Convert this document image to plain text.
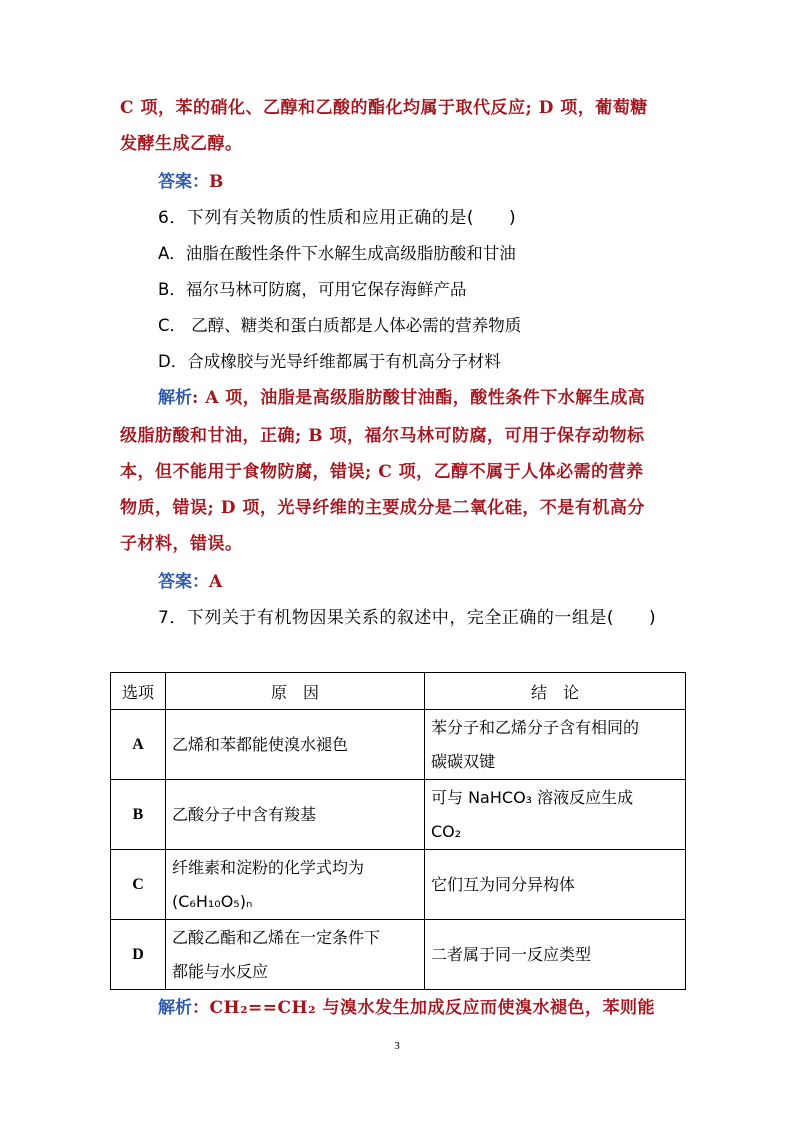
C 项，苯的硝化、乙醇和乙酸的酯化均属于取代反应; D 项，葡萄糖
发酵生成乙醇。
答案：B
6．下列有关物质的性质和应用正确的是(　　)
A．油脂在酸性条件下水解生成高级脂肪酸和甘油
B．福尔马林可防腐，可用它保存海鲜产品
C． 乙醇、糖类和蛋白质都是人体必需的营养物质
D．合成橡胶与光导纤维都属于有机高分子材料
解析: A 项，油脂是高级脂肪酸甘油酯，酸性条件下水解生成高
级脂肪酸和甘油，正确; B 项，福尔马林可防腐，可用于保存动物标
本，但不能用于食物防腐，错误; C 项，乙醇不属于人体必需的营养
物质，错误; D 项，光导纤维的主要成分是二氧化硅，不是有机高分
子材料，错误。
答案：A
7．下列关于有机物因果关系的叙述中，完全正确的一组是(　　)
选项	原　因	结　论
A	乙烯和苯都能使溴水褪色	苯分子和乙烯分子含有相同的
碳碳双键

B	乙酸分子中含有羧基	可与 NaHCO₃ 溶液反应生成
CO₂

C	纤维素和淀粉的化学式均为
(C₆H₁₀O₅)ₙ	它们互为同分异构体
D	乙酸乙酯和乙烯在一定条件下
都能与水反应	二者属于同一反应类型
解析：CH₂==CH₂ 与溴水发生加成反应而使溴水褪色，苯则能
3
